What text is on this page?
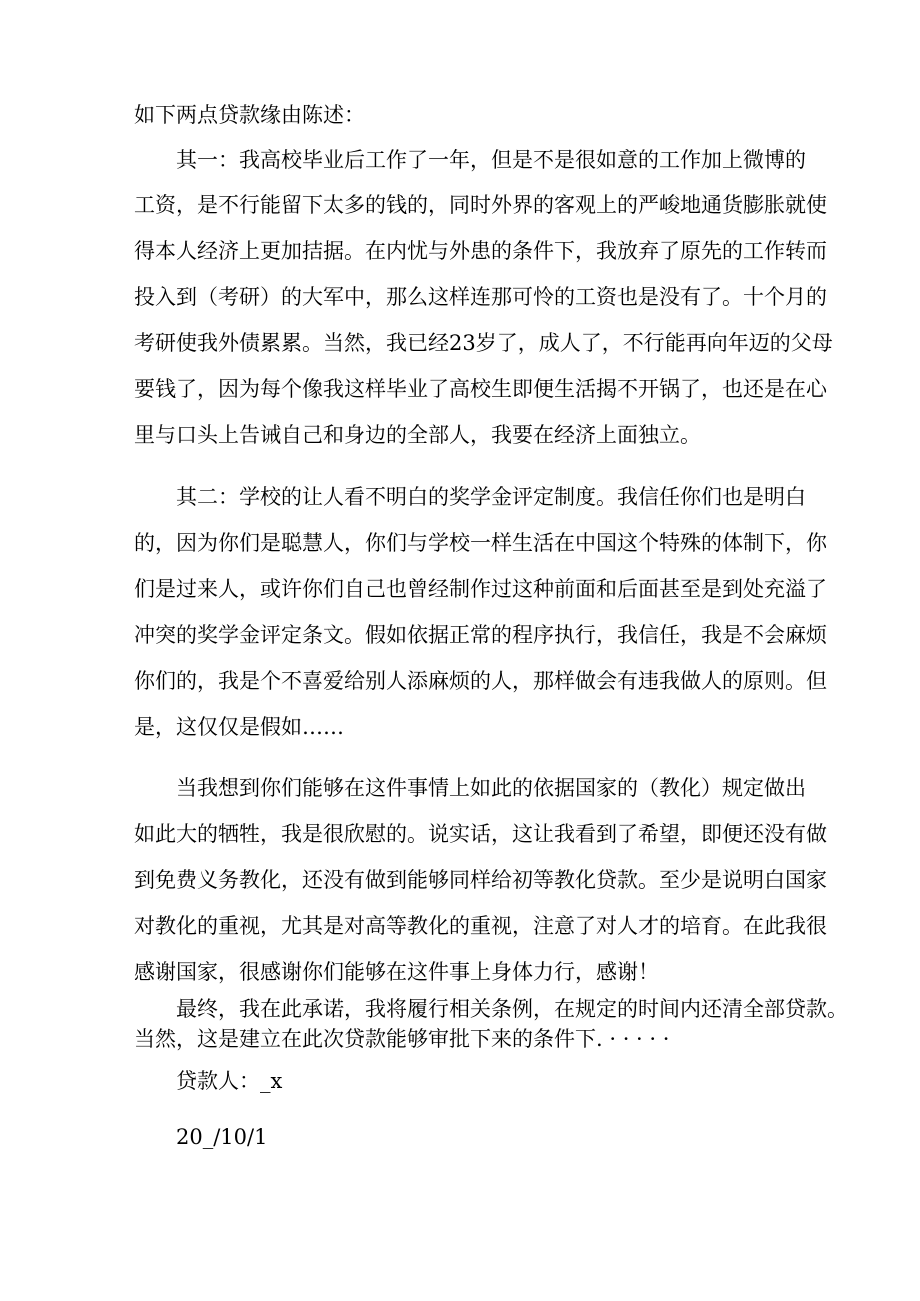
如下两点贷款缘由陈述：

其一：我高校毕业后工作了一年，但是不是很如意的工作加上微博的

工资，是不行能留下太多的钱的，同时外界的客观上的严峻地通货膨胀就使

得本人经济上更加拮据。在内忧与外患的条件下，我放弃了原先的工作转而

投入到（考研）的大军中，那么这样连那可怜的工资也是没有了。十个月的

考研使我外债累累。当然，我已经23岁了，成人了，不行能再向年迈的父母

要钱了，因为每个像我这样毕业了高校生即便生活揭不开锅了，也还是在心

里与口头上告诫自己和身边的全部人，我要在经济上面独立。

其二：学校的让人看不明白的奖学金评定制度。我信任你们也是明白

的，因为你们是聪慧人，你们与学校一样生活在中国这个特殊的体制下，你

们是过来人，或许你们自己也曾经制作过这种前面和后面甚至是到处充溢了

冲突的奖学金评定条文。假如依据正常的程序执行，我信任，我是不会麻烦

你们的，我是个不喜爱给别人添麻烦的人，那样做会有违我做人的原则。但

是，这仅仅是假如……

当我想到你们能够在这件事情上如此的依据国家的（教化）规定做出

如此大的牺牲，我是很欣慰的。说实话，这让我看到了希望，即便还没有做

到免费义务教化，还没有做到能够同样给初等教化贷款。至少是说明白国家

对教化的重视，尤其是对高等教化的重视，注意了对人才的培育。在此我很

感谢国家，很感谢你们能够在这件事上身体力行，感谢！

最终，我在此承诺，我将履行相关条例，在规定的时间内还清全部贷款。

当然，这是建立在此次贷款能够审批下来的条件下. · · · · ·

贷款人：_x

20_/10/1
